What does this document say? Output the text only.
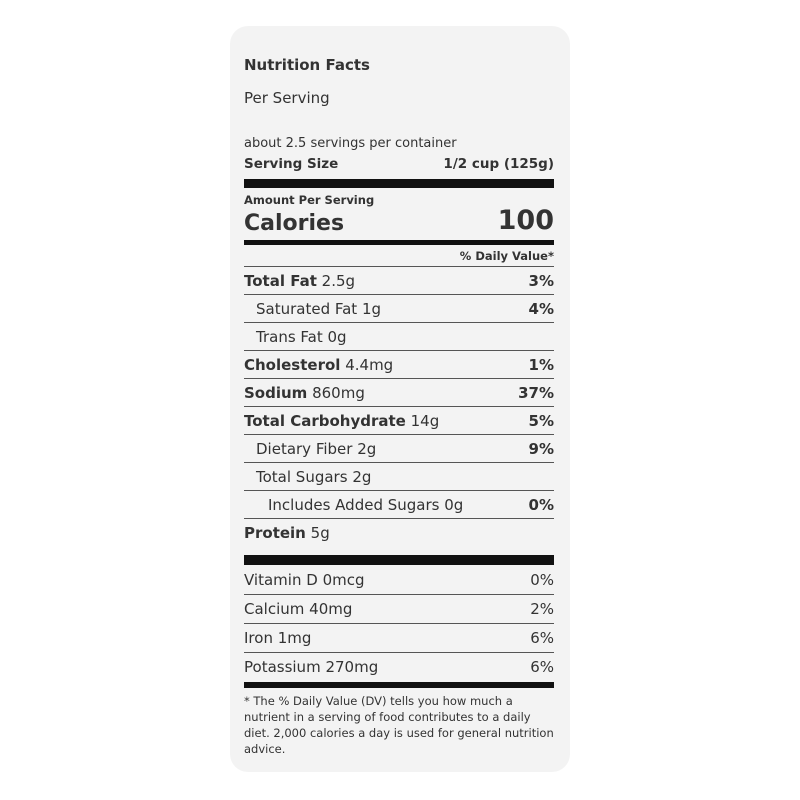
Nutrition Facts
Per Serving
about 2.5 servings per container
Serving Size	1/2 cup (125g)
Amount Per Serving
Calories	100
% Daily Value*
Total Fat 2.5g	3%
Saturated Fat 1g	4%
Trans Fat 0g
Cholesterol 4.4mg	1%
Sodium 860mg	37%
Total Carbohydrate 14g	5%
Dietary Fiber 2g	9%
Total Sugars 2g
Includes Added Sugars 0g	0%
Protein 5g
Vitamin D 0mcg	0%
Calcium 40mg	2%
Iron 1mg	6%
Potassium 270mg	6%
* The % Daily Value (DV) tells you how much a nutrient in a serving of food contributes to a daily diet. 2,000 calories a day is used for general nutrition advice.
